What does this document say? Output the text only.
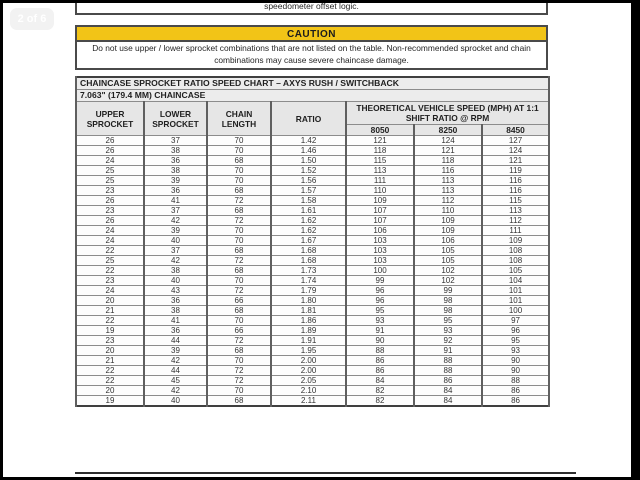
speedometer offset logic.
CAUTION
Do not use upper / lower sprocket combinations that are not listed on the table. Non-recommended sprocket and chain combinations may cause severe chaincase damage.
CHAINCASE SPROCKET RATIO SPEED CHART – AXYS RUSH / SWITCHBACK						
7.063" (179.4 MM) CHAINCASE						
UPPER SPROCKET	LOWER SPROCKET	CHAIN LENGTH	RATIO	THEORETICAL VEHICLE SPEED (MPH) AT 1:1 SHIFT RATIO @ RPM		
				8050	8250	8450
26	37	70	1.42	121	124	127
26	38	70	1.46	118	121	124
24	36	68	1.50	115	118	121
25	38	70	1.52	113	116	119
25	39	70	1.56	111	113	116
23	36	68	1.57	110	113	116
26	41	72	1.58	109	112	115
23	37	68	1.61	107	110	113
26	42	72	1.62	107	109	112
24	39	70	1.62	106	109	111
24	40	70	1.67	103	106	109
22	37	68	1.68	103	105	108
25	42	72	1.68	103	105	108
22	38	68	1.73	100	102	105
23	40	70	1.74	99	102	104
24	43	72	1.79	96	99	101
20	36	66	1.80	96	98	101
21	38	68	1.81	95	98	100
22	41	70	1.86	93	95	97
19	36	66	1.89	91	93	96
23	44	72	1.91	90	92	95
20	39	68	1.95	88	91	93
21	42	70	2.00	86	88	90
22	44	72	2.00	86	88	90
22	45	72	2.05	84	86	88
20	42	70	2.10	82	84	86
19	40	68	2.11	82	84	86
2 of 6
